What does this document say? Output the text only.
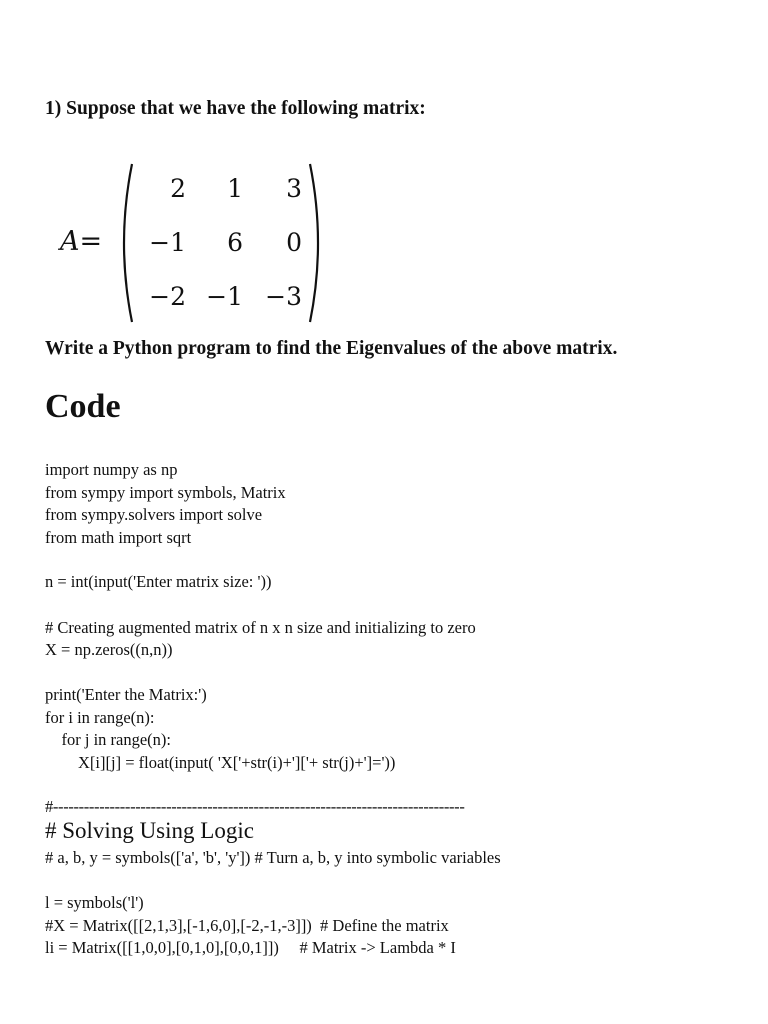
1) Suppose that we have the following matrix:
A=
2	1	3
−1	6	0
−2 −1 −3
Write a Python program to find the Eigenvalues of the above matrix.
Code
import numpy as np
from sympy import symbols, Matrix
from sympy.solvers import solve
from math import sqrt
n = int(input('Enter matrix size: '))
# Creating augmented matrix of n x n size and initializing to zero
X = np.zeros((n,n))
print('Enter the Matrix:')
for i in range(n):
for j in range(n):
X[i][j] = float(input( 'X['+str(i)+']['+ str(j)+']='))
#--------------------------------------------------------------------------------
# Solving Using Logic
# a, b, y = symbols(['a', 'b', 'y']) # Turn a, b, y into symbolic variables
l = symbols('l')
#X = Matrix([[2,1,3],[-1,6,0],[-2,-1,-3]])  # Define the matrix
li = Matrix([[1,0,0],[0,1,0],[0,0,1]])     # Matrix -> Lambda * I
